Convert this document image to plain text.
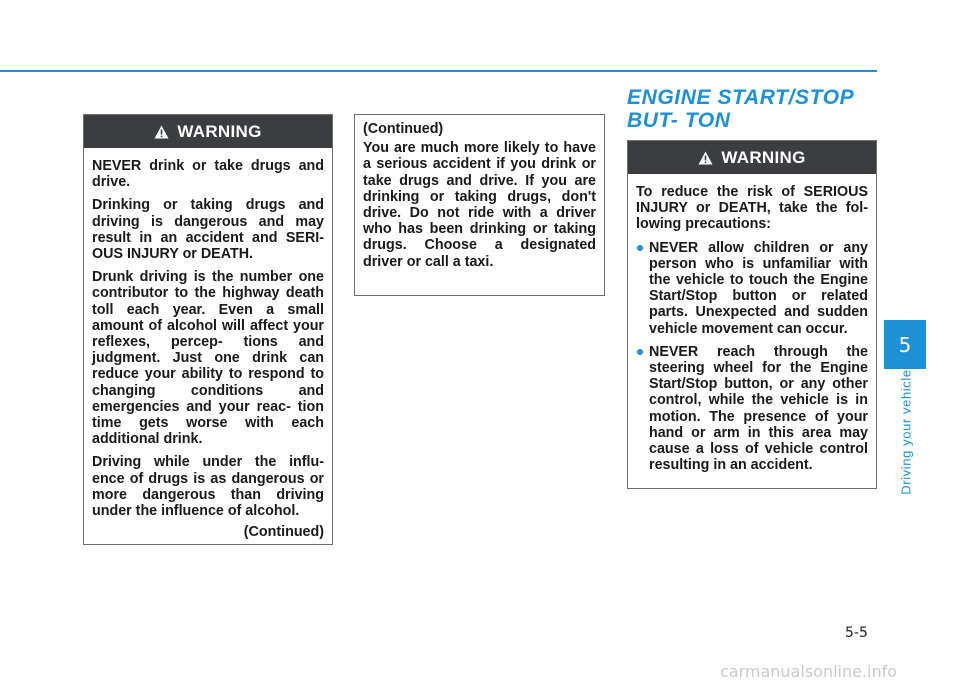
WARNING

NEVER drink or take drugs and drive.

Drinking or taking drugs and driving is dangerous and may result in an accident and SERI- OUS INJURY or DEATH.

Drunk driving is the number one contributor to the highway death toll each year. Even a small amount of alcohol will affect your reflexes, percep- tions and judgment. Just one drink can reduce your ability to respond to changing conditions and emergencies and your reac- tion time gets worse with each additional drink.

Driving while under the influ- ence of drugs is as dangerous or more dangerous than driving under the influence of alcohol.

(Continued)

(Continued)

You are much more likely to have a serious accident if you drink or take drugs and drive. If you are drinking or taking drugs, don't drive. Do not ride with a driver who has been drinking or taking drugs. Choose a designated driver or call a taxi.

ENGINE START/STOP BUT- TON
WARNING

To reduce the risk of SERIOUS INJURY or DEATH, take the fol- lowing precautions:

NEVER allow children or any person who is unfamiliar with the vehicle to touch the Engine Start/Stop button or related parts. Unexpected and sudden vehicle movement can occur.
NEVER reach through the steering wheel for the Engine Start/Stop button, or any other control, while the vehicle is in motion. The presence of your hand or arm in this area may cause a loss of vehicle control resulting in an accident.
5
Driving your vehicle
5-5
carmanualsonline.info
